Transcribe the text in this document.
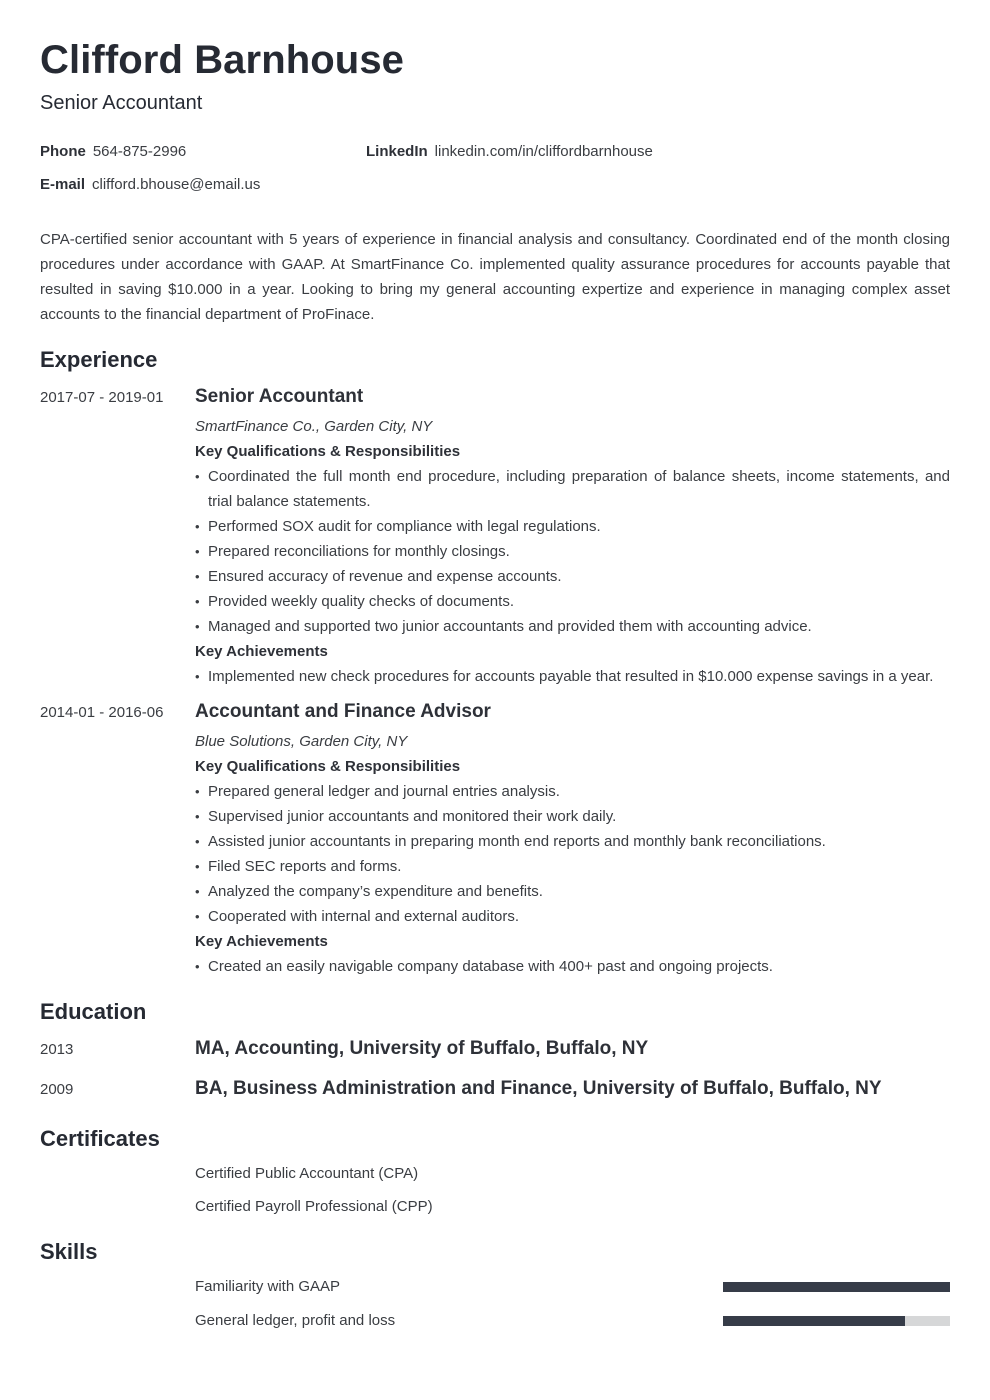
Clifford Barnhouse
Senior Accountant
Phone 564-875-2996	LinkedIn linkedin.com/in/cliffordbarnhouse
E-mail clifford.bhouse@email.us
CPA-certified senior accountant with 5 years of experience in financial analysis and consultancy. Coordinated end of the month closing procedures under accordance with GAAP. At SmartFinance Co. implemented quality assurance procedures for accounts payable that resulted in saving $10.000 in a year. Looking to bring my general accounting expertize and experience in managing complex asset accounts to the financial department of ProFinace.
Experience
2017-07 - 2019-01 Senior Accountant
SmartFinance Co., Garden City, NY
Key Qualifications & Responsibilities
• Coordinated the full month end procedure, including preparation of balance sheets, income statements, and trial balance statements.
• Performed SOX audit for compliance with legal regulations.
• Prepared reconciliations for monthly closings.
• Ensured accuracy of revenue and expense accounts.
• Provided weekly quality checks of documents.
• Managed and supported two junior accountants and provided them with accounting advice.
Key Achievements
• Implemented new check procedures for accounts payable that resulted in $10.000 expense savings in a year.
2014-01 - 2016-06 Accountant and Finance Advisor
Blue Solutions, Garden City, NY
Key Qualifications & Responsibilities
• Prepared general ledger and journal entries analysis.
• Supervised junior accountants and monitored their work daily.
• Assisted junior accountants in preparing month end reports and monthly bank reconciliations.
• Filed SEC reports and forms.
• Analyzed the company’s expenditure and benefits.
• Cooperated with internal and external auditors.
Key Achievements
• Created an easily navigable company database with 400+ past and ongoing projects.
Education
2013	MA, Accounting, University of Buffalo, Buffalo, NY
2009	BA, Business Administration and Finance, University of Buffalo, Buffalo, NY
Certificates
Certified Public Accountant (CPA)
Certified Payroll Professional (CPP)
Skills
Familiarity with GAAP
General ledger, profit and loss
